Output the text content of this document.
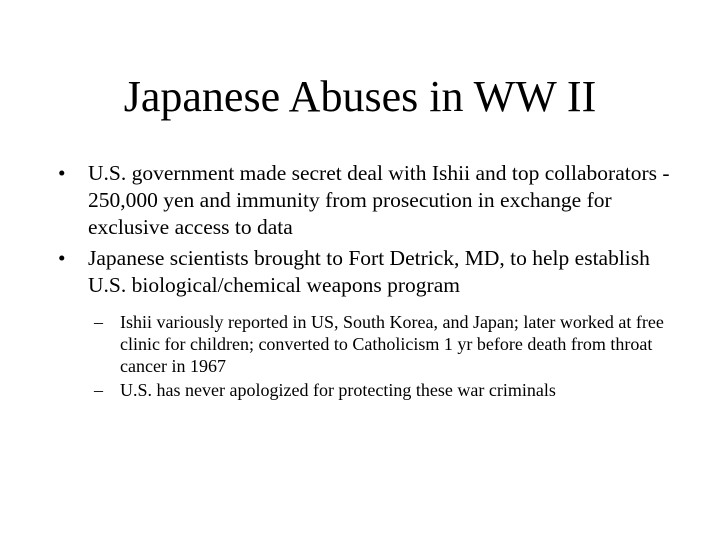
Japanese Abuses in WW II
• U.S. government made secret deal with Ishii and top collaborators - 250,000 yen and immunity from prosecution in exchange for exclusive access to data
• Japanese scientists brought to Fort Detrick, MD, to help establish U.S. biological/chemical weapons program
– Ishii variously reported in US, South Korea, and Japan; later worked at free clinic for children; converted to Catholicism 1 yr before death from throat cancer in 1967
– U.S. has never apologized for protecting these war criminals
